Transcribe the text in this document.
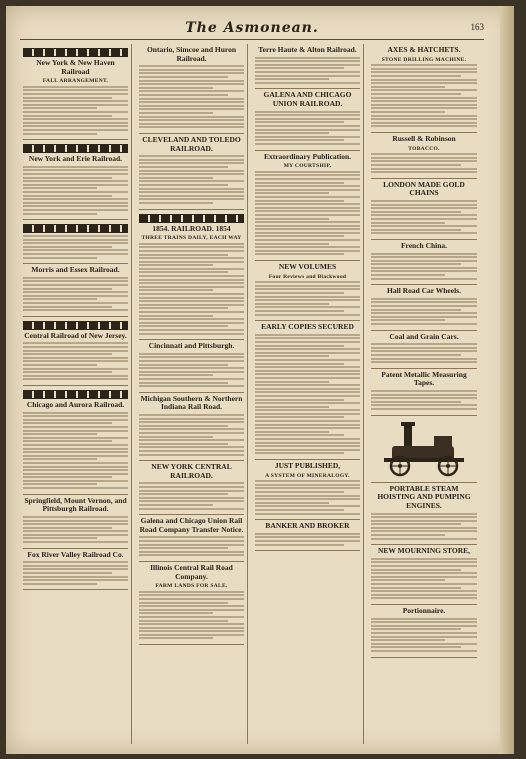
The Asmonean.	163
New York & New Haven Railroad
FALL ARRANGEMENT.
New York and Erie Railroad.
Morris and Essex Railroad.
Central Railroad of New Jersey.
Chicago and Aurora Railroad.
Springfield, Mount Vernon, and Pittsburgh Railroad.
Fox River Valley Railroad Co.
Ontario, Simcoe and Huron Railroad.
CLEVELAND AND TOLEDO RAILROAD.
1854. RAILROAD. 1854
THREE TRAINS DAILY, EACH WAY
Cincinnati and Pittsburgh.
Michigan Southern & Northern Indiana Rail Road.
NEW YORK CENTRAL RAILROAD.
Galena and Chicago Union Rail Road Company Transfer Notice.
Illinois Central Rail Road Company.
FARM LANDS FOR SALE.
Terre Haute & Alton Railroad.
GALENA AND CHICAGO UNION RAILROAD.
Extraordinary Publication.
MY COURTSHIP,
NEW VOLUMES
Four Reviews and Blackwood
EARLY COPIES SECURED
JUST PUBLISHED,
A SYSTEM OF MINERALOGY.
BANKER AND BROKER
AXES & HATCHETS.
STONE DRILLING MACHINE.
Russell & Robinson
TOBACCO.
LONDON MADE GOLD CHAINS
French China.
Hall Road Car Wheels.
Coal and Grain Cars.
Patent Metallic Measuring Tapes.
PORTABLE STEAM HOISTING AND PUMPING ENGINES.
NEW MOURNING STORE,
Portionnaire.
